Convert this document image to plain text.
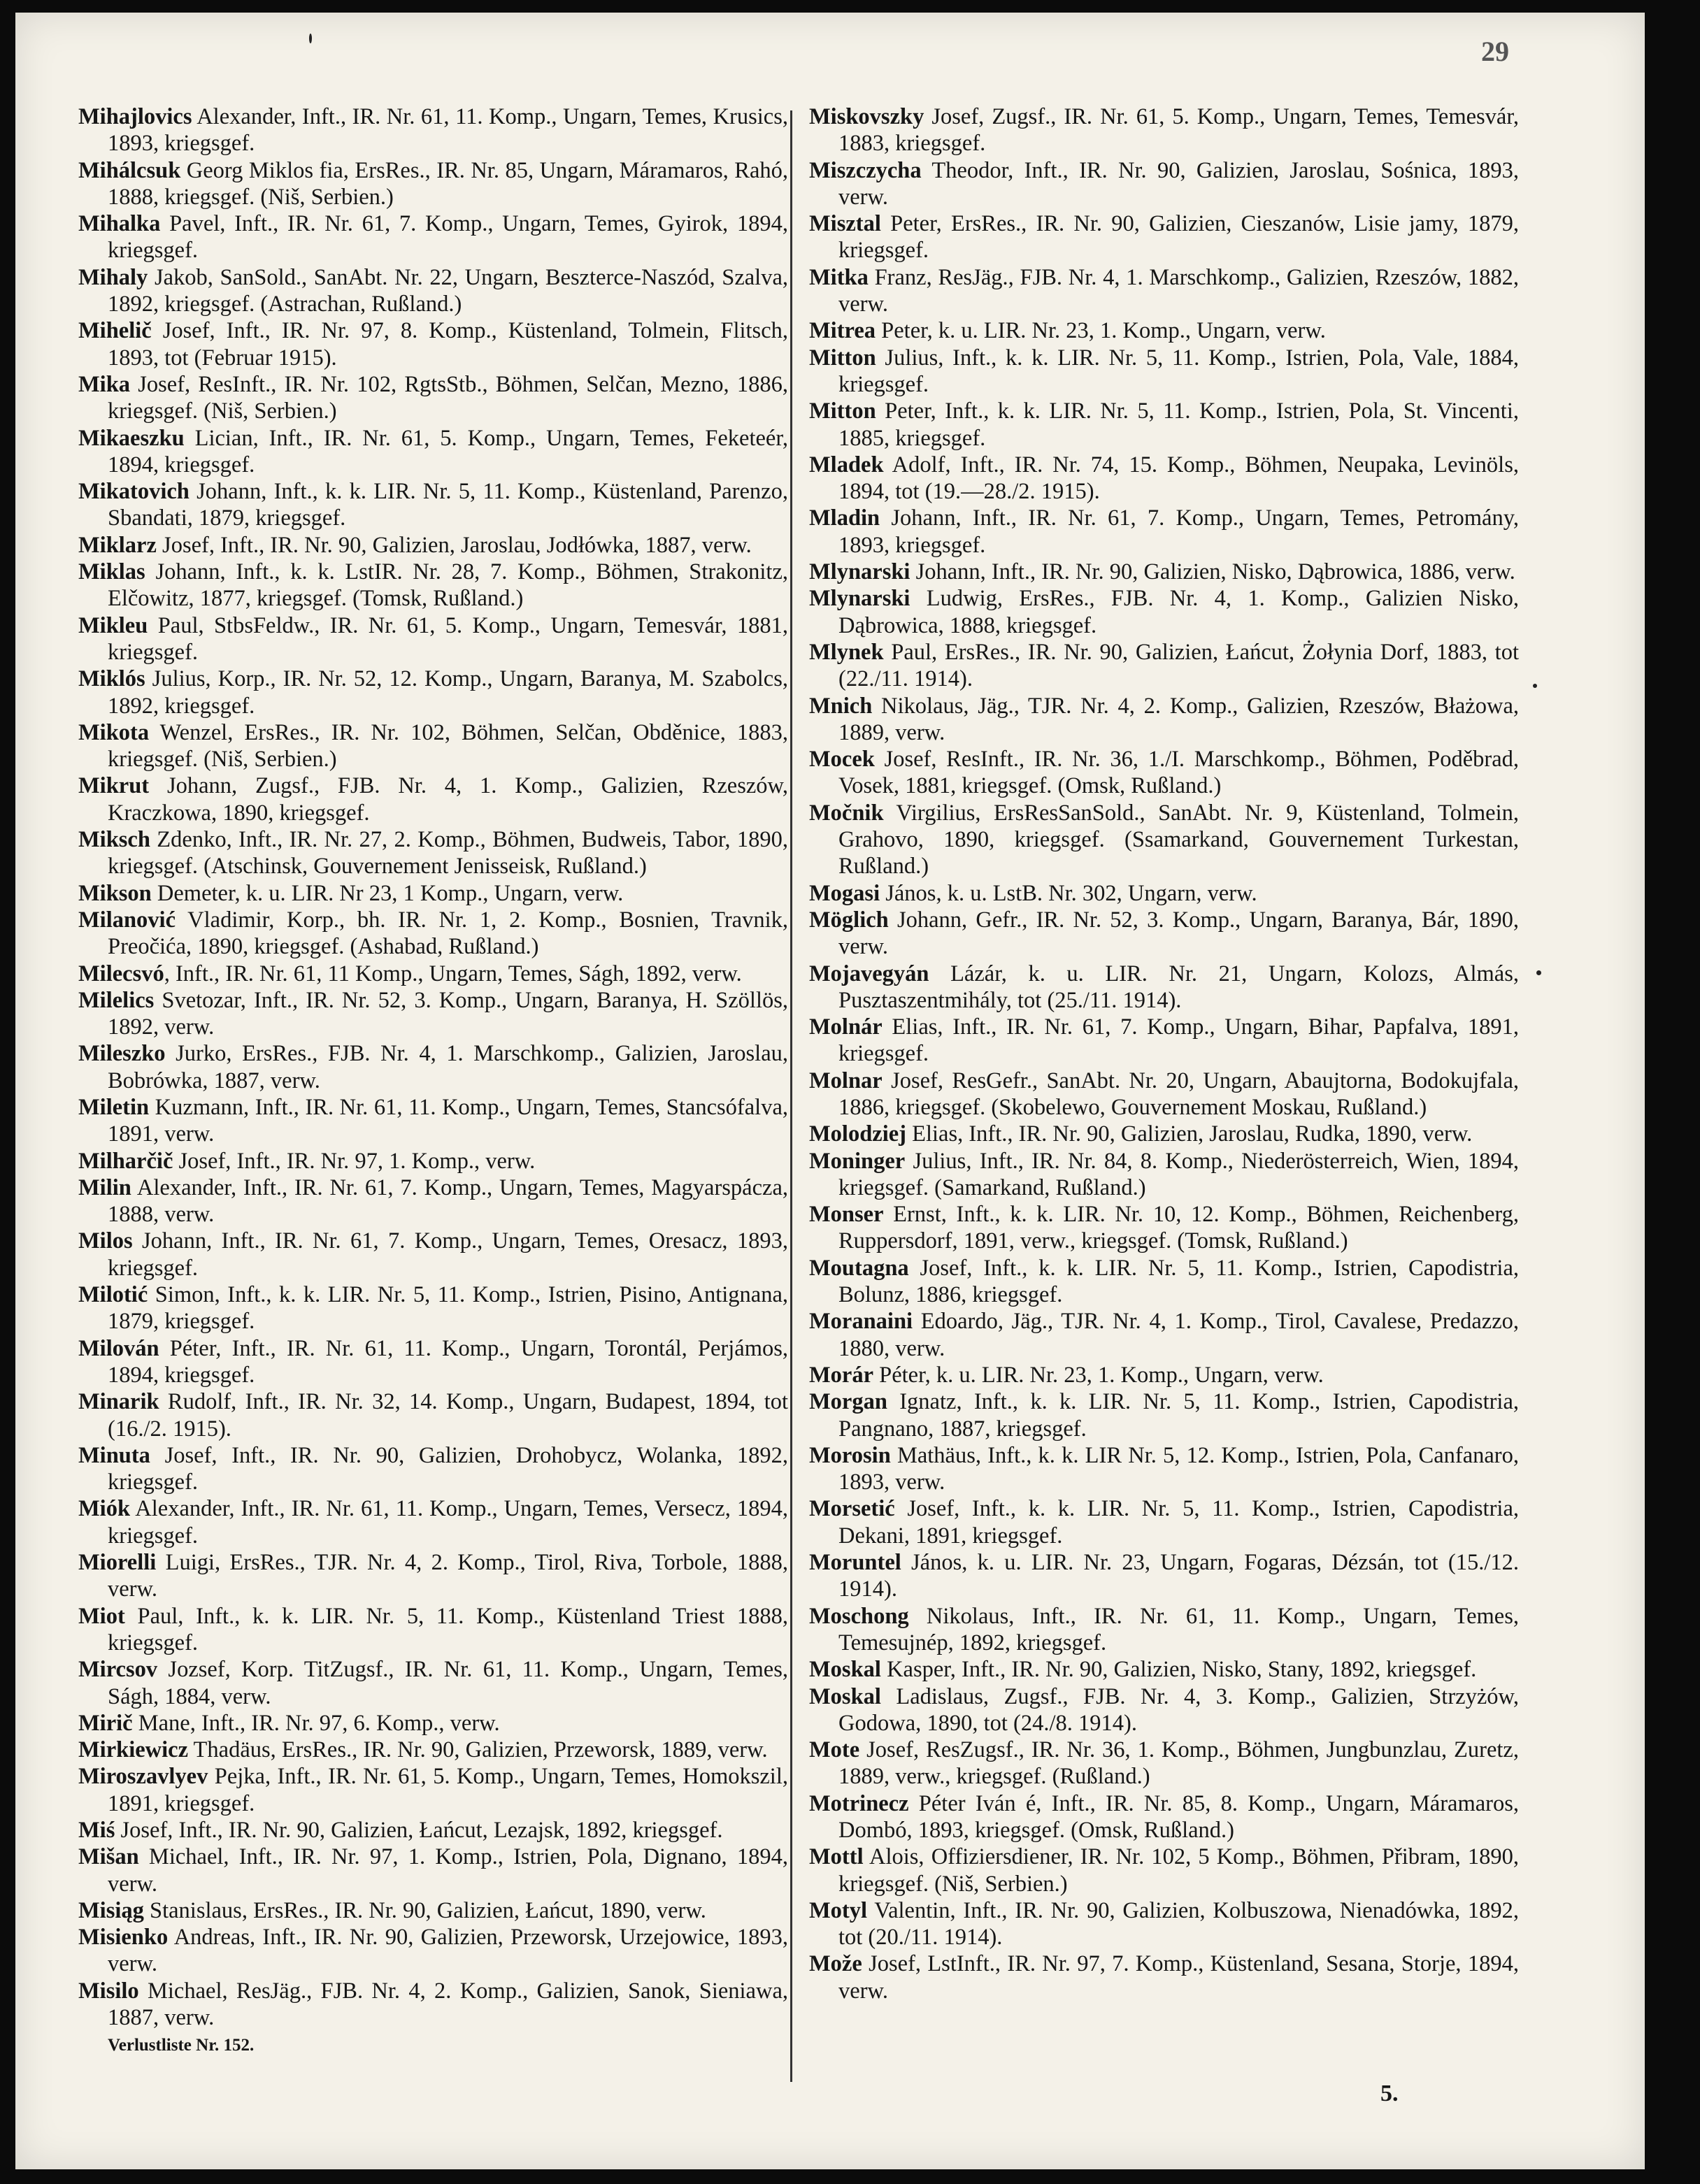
29

Mihajlovics Alexander, Inft., IR. Nr. 61, 11. Komp., Ungarn, Temes, Krusics, 1893, kriegsgef.

Mihálcsuk Georg Miklos fia, ErsRes., IR. Nr. 85, Ungarn, Máramaros, Rahó, 1888, kriegsgef. (Niš, Serbien.)

Mihalka Pavel, Inft., IR. Nr. 61, 7. Komp., Ungarn, Temes, Gyirok, 1894, kriegsgef.

Mihaly Jakob, SanSold., SanAbt. Nr. 22, Ungarn, Beszterce-Naszód, Szalva, 1892, kriegsgef. (Astrachan, Rußland.)

Mihelič Josef, Inft., IR. Nr. 97, 8. Komp., Küstenland, Tolmein, Flitsch, 1893, tot (Februar 1915).

Mika Josef, ResInft., IR. Nr. 102, RgtsStb., Böhmen, Selčan, Mezno, 1886, kriegsgef. (Niš, Serbien.)

Mikaeszku Lician, Inft., IR. Nr. 61, 5. Komp., Ungarn, Temes, Feketeér, 1894, kriegsgef.

Mikatovich Johann, Inft., k. k. LIR. Nr. 5, 11. Komp., Küstenland, Parenzo, Sbandati, 1879, kriegsgef.

Miklarz Josef, Inft., IR. Nr. 90, Galizien, Jaroslau, Jodłówka, 1887, verw.

Miklas Johann, Inft., k. k. LstIR. Nr. 28, 7. Komp., Böhmen, Strakonitz, Elčowitz, 1877, kriegsgef. (Tomsk, Rußland.)

Mikleu Paul, StbsFeldw., IR. Nr. 61, 5. Komp., Ungarn, Temesvár, 1881, kriegsgef.

Miklós Julius, Korp., IR. Nr. 52, 12. Komp., Ungarn, Baranya, M. Szabolcs, 1892, kriegsgef.

Mikota Wenzel, ErsRes., IR. Nr. 102, Böhmen, Selčan, Obděnice, 1883, kriegsgef. (Niš, Serbien.)

Mikrut Johann, Zugsf., FJB. Nr. 4, 1. Komp., Galizien, Rzeszów, Kraczkowa, 1890, kriegsgef.

Miksch Zdenko, Inft., IR. Nr. 27, 2. Komp., Böhmen, Budweis, Tabor, 1890, kriegsgef. (Atschinsk, Gouvernement Jenisseisk, Rußland.)

Mikson Demeter, k. u. LIR. Nr 23, 1 Komp., Ungarn, verw.

Milanović Vladimir, Korp., bh. IR. Nr. 1, 2. Komp., Bosnien, Travnik, Preočića, 1890, kriegsgef. (Ashabad, Rußland.)

Milecsvó, Inft., IR. Nr. 61, 11 Komp., Ungarn, Temes, Ságh, 1892, verw.

Milelics Svetozar, Inft., IR. Nr. 52, 3. Komp., Ungarn, Baranya, H. Szöllös, 1892, verw.

Mileszko Jurko, ErsRes., FJB. Nr. 4, 1. Marschkomp., Galizien, Jaroslau, Bobrówka, 1887, verw.

Miletin Kuzmann, Inft., IR. Nr. 61, 11. Komp., Ungarn, Temes, Stancsófalva, 1891, verw.

Milharčič Josef, Inft., IR. Nr. 97, 1. Komp., verw.

Milin Alexander, Inft., IR. Nr. 61, 7. Komp., Ungarn, Temes, Magyarspácza, 1888, verw.

Milos Johann, Inft., IR. Nr. 61, 7. Komp., Ungarn, Temes, Oresacz, 1893, kriegsgef.

Milotić Simon, Inft., k. k. LIR. Nr. 5, 11. Komp., Istrien, Pisino, Antignana, 1879, kriegsgef.

Milován Péter, Inft., IR. Nr. 61, 11. Komp., Ungarn, Torontál, Perjámos, 1894, kriegsgef.

Minarik Rudolf, Inft., IR. Nr. 32, 14. Komp., Ungarn, Budapest, 1894, tot (16./2. 1915).

Minuta Josef, Inft., IR. Nr. 90, Galizien, Drohobycz, Wolanka, 1892, kriegsgef.

Miók Alexander, Inft., IR. Nr. 61, 11. Komp., Ungarn, Temes, Versecz, 1894, kriegsgef.

Miorelli Luigi, ErsRes., TJR. Nr. 4, 2. Komp., Tirol, Riva, Torbole, 1888, verw.

Miot Paul, Inft., k. k. LIR. Nr. 5, 11. Komp., Küstenland Triest 1888, kriegsgef.

Mircsov Jozsef, Korp. TitZugsf., IR. Nr. 61, 11. Komp., Ungarn, Temes, Ságh, 1884, verw.

Mirič Mane, Inft., IR. Nr. 97, 6. Komp., verw.

Mirkiewicz Thadäus, ErsRes., IR. Nr. 90, Galizien, Przeworsk, 1889, verw.

Miroszavlyev Pejka, Inft., IR. Nr. 61, 5. Komp., Ungarn, Temes, Homokszil, 1891, kriegsgef.

Miś Josef, Inft., IR. Nr. 90, Galizien, Łańcut, Lezajsk, 1892, kriegsgef.

Mišan Michael, Inft., IR. Nr. 97, 1. Komp., Istrien, Pola, Dignano, 1894, verw.

Misiąg Stanislaus, ErsRes., IR. Nr. 90, Galizien, Łańcut, 1890, verw.

Misienko Andreas, Inft., IR. Nr. 90, Galizien, Przeworsk, Urzejowice, 1893, verw.

Misilo Michael, ResJäg., FJB. Nr. 4, 2. Komp., Galizien, Sanok, Sieniawa, 1887, verw.

Verlustliste Nr. 152.

Miskovszky Josef, Zugsf., IR. Nr. 61, 5. Komp., Ungarn, Temes, Temesvár, 1883, kriegsgef.

Miszczycha Theodor, Inft., IR. Nr. 90, Galizien, Jaroslau, Sośnica, 1893, verw.

Misztal Peter, ErsRes., IR. Nr. 90, Galizien, Cieszanów, Lisie jamy, 1879, kriegsgef.

Mitka Franz, ResJäg., FJB. Nr. 4, 1. Marschkomp., Galizien, Rzeszów, 1882, verw.

Mitrea Peter, k. u. LIR. Nr. 23, 1. Komp., Ungarn, verw.

Mitton Julius, Inft., k. k. LIR. Nr. 5, 11. Komp., Istrien, Pola, Vale, 1884, kriegsgef.

Mitton Peter, Inft., k. k. LIR. Nr. 5, 11. Komp., Istrien, Pola, St. Vincenti, 1885, kriegsgef.

Mladek Adolf, Inft., IR. Nr. 74, 15. Komp., Böhmen, Neupaka, Levinöls, 1894, tot (19.—28./2. 1915).

Mladin Johann, Inft., IR. Nr. 61, 7. Komp., Ungarn, Temes, Petromány, 1893, kriegsgef.

Mlynarski Johann, Inft., IR. Nr. 90, Galizien, Nisko, Dąbrowica, 1886, verw.

Mlynarski Ludwig, ErsRes., FJB. Nr. 4, 1. Komp., Galizien Nisko, Dąbrowica, 1888, kriegsgef.

Mlynek Paul, ErsRes., IR. Nr. 90, Galizien, Łańcut, Żołynia Dorf, 1883, tot (22./11. 1914).

Mnich Nikolaus, Jäg., TJR. Nr. 4, 2. Komp., Galizien, Rzeszów, Błażowa, 1889, verw.

Mocek Josef, ResInft., IR. Nr. 36, 1./I. Marschkomp., Böhmen, Poděbrad, Vosek, 1881, kriegsgef. (Omsk, Rußland.)

Močnik Virgilius, ErsResSanSold., SanAbt. Nr. 9, Küstenland, Tolmein, Grahovo, 1890, kriegsgef. (Ssamarkand, Gouvernement Turkestan, Rußland.)

Mogasi János, k. u. LstB. Nr. 302, Ungarn, verw.

Möglich Johann, Gefr., IR. Nr. 52, 3. Komp., Ungarn, Baranya, Bár, 1890, verw.

Mojavegyán Lázár, k. u. LIR. Nr. 21, Ungarn, Kolozs, Almás, Pusztaszentmihály, tot (25./11. 1914).

Molnár Elias, Inft., IR. Nr. 61, 7. Komp., Ungarn, Bihar, Papfalva, 1891, kriegsgef.

Molnar Josef, ResGefr., SanAbt. Nr. 20, Ungarn, Abaujtorna, Bodokujfala, 1886, kriegsgef. (Skobelewo, Gouvernement Moskau, Rußland.)

Molodziej Elias, Inft., IR. Nr. 90, Galizien, Jaroslau, Rudka, 1890, verw.

Moninger Julius, Inft., IR. Nr. 84, 8. Komp., Niederösterreich, Wien, 1894, kriegsgef. (Samarkand, Rußland.)

Monser Ernst, Inft., k. k. LIR. Nr. 10, 12. Komp., Böhmen, Reichenberg, Ruppersdorf, 1891, verw., kriegsgef. (Tomsk, Rußland.)

Moutagna Josef, Inft., k. k. LIR. Nr. 5, 11. Komp., Istrien, Capodistria, Bolunz, 1886, kriegsgef.

Moranaini Edoardo, Jäg., TJR. Nr. 4, 1. Komp., Tirol, Cavalese, Predazzo, 1880, verw.

Morár Péter, k. u. LIR. Nr. 23, 1. Komp., Ungarn, verw.

Morgan Ignatz, Inft., k. k. LIR. Nr. 5, 11. Komp., Istrien, Capodistria, Pangnano, 1887, kriegsgef.

Morosin Mathäus, Inft., k. k. LIR Nr. 5, 12. Komp., Istrien, Pola, Canfanaro, 1893, verw.

Morsetić Josef, Inft., k. k. LIR. Nr. 5, 11. Komp., Istrien, Capodistria, Dekani, 1891, kriegsgef.

Moruntel János, k. u. LIR. Nr. 23, Ungarn, Fogaras, Dézsán, tot (15./12. 1914).

Moschong Nikolaus, Inft., IR. Nr. 61, 11. Komp., Ungarn, Temes, Temesujnép, 1892, kriegsgef.

Moskal Kasper, Inft., IR. Nr. 90, Galizien, Nisko, Stany, 1892, kriegsgef.

Moskal Ladislaus, Zugsf., FJB. Nr. 4, 3. Komp., Galizien, Strzyżów, Godowa, 1890, tot (24./8. 1914).

Mote Josef, ResZugsf., IR. Nr. 36, 1. Komp., Böhmen, Jungbunzlau, Zuretz, 1889, verw., kriegsgef. (Rußland.)

Motrinecz Péter Iván é, Inft., IR. Nr. 85, 8. Komp., Ungarn, Máramaros, Dombó, 1893, kriegsgef. (Omsk, Rußland.)

Mottl Alois, Offiziersdiener, IR. Nr. 102, 5 Komp., Böhmen, Přibram, 1890, kriegsgef. (Niš, Serbien.)

Motyl Valentin, Inft., IR. Nr. 90, Galizien, Kolbuszowa, Nienadówka, 1892, tot (20./11. 1914).

Može Josef, LstInft., IR. Nr. 97, 7. Komp., Küstenland, Sesana, Storje, 1894, verw.

5.
